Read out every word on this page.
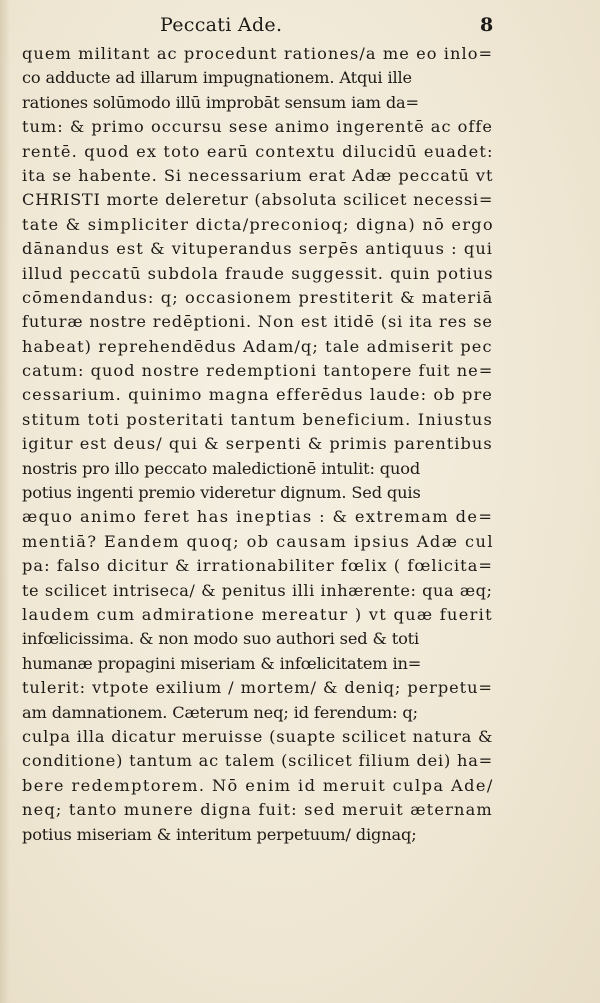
Peccati Ade.	8
quem militant ac procedunt rationes/a me eo inlo=
co adducte ad illarum impugnationem. Atqui ille
rationes solūmodo illū improbāt sensum iam da=
tum: & primo occursu sese animo ingerentē ac offe
rentē. quod ex toto earū contextu dilucidū euadet:
ita se habente. Si necessarium erat Adæ peccatū vt
CHRISTI morte deleretur (absoluta scilicet necessi=
tate & simpliciter dicta/preconioq; digna) nō ergo
dānandus est & vituperandus serpēs antiquus : qui
illud peccatū subdola fraude suggessit. quin potius
cōmendandus: q; occasionem prestiterit & materiā
futuræ nostre redēptioni. Non est itidē (si ita res se
habeat) reprehendēdus Adam/q; tale admiserit pec
catum: quod nostre redemptioni tantopere fuit ne=
cessarium. quinimo magna efferēdus laude: ob pre
stitum toti posteritati tantum beneficium. Iniustus
igitur est deus/ qui & serpenti & primis parentibus
nostris pro illo peccato maledictionē intulit: quod
potius ingenti premio videretur dignum. Sed quis
æquo animo feret has ineptias : & extremam de=
mentiā? Eandem quoq; ob causam ipsius Adæ cul
pa: falso dicitur & irrationabiliter fœlix ( fœlicita=
te scilicet intriseca/ & penitus illi inhærente: qua æq;
laudem cum admiratione mereatur ) vt quæ fuerit
infœlicissima. & non modo suo authori sed & toti
humanæ propagini miseriam & infœlicitatem in=
tulerit: vtpote exilium / mortem/ & deniq; perpetu=
am damnationem. Cæterum neq; id ferendum: q;
culpa illa dicatur meruisse (suapte scilicet natura &
conditione) tantum ac talem (scilicet filium dei) ha=
bere redemptorem. Nō enim id meruit culpa Ade/
neq; tanto munere digna fuit: sed meruit æternam
potius miseriam & interitum perpetuum/ dignaq;
